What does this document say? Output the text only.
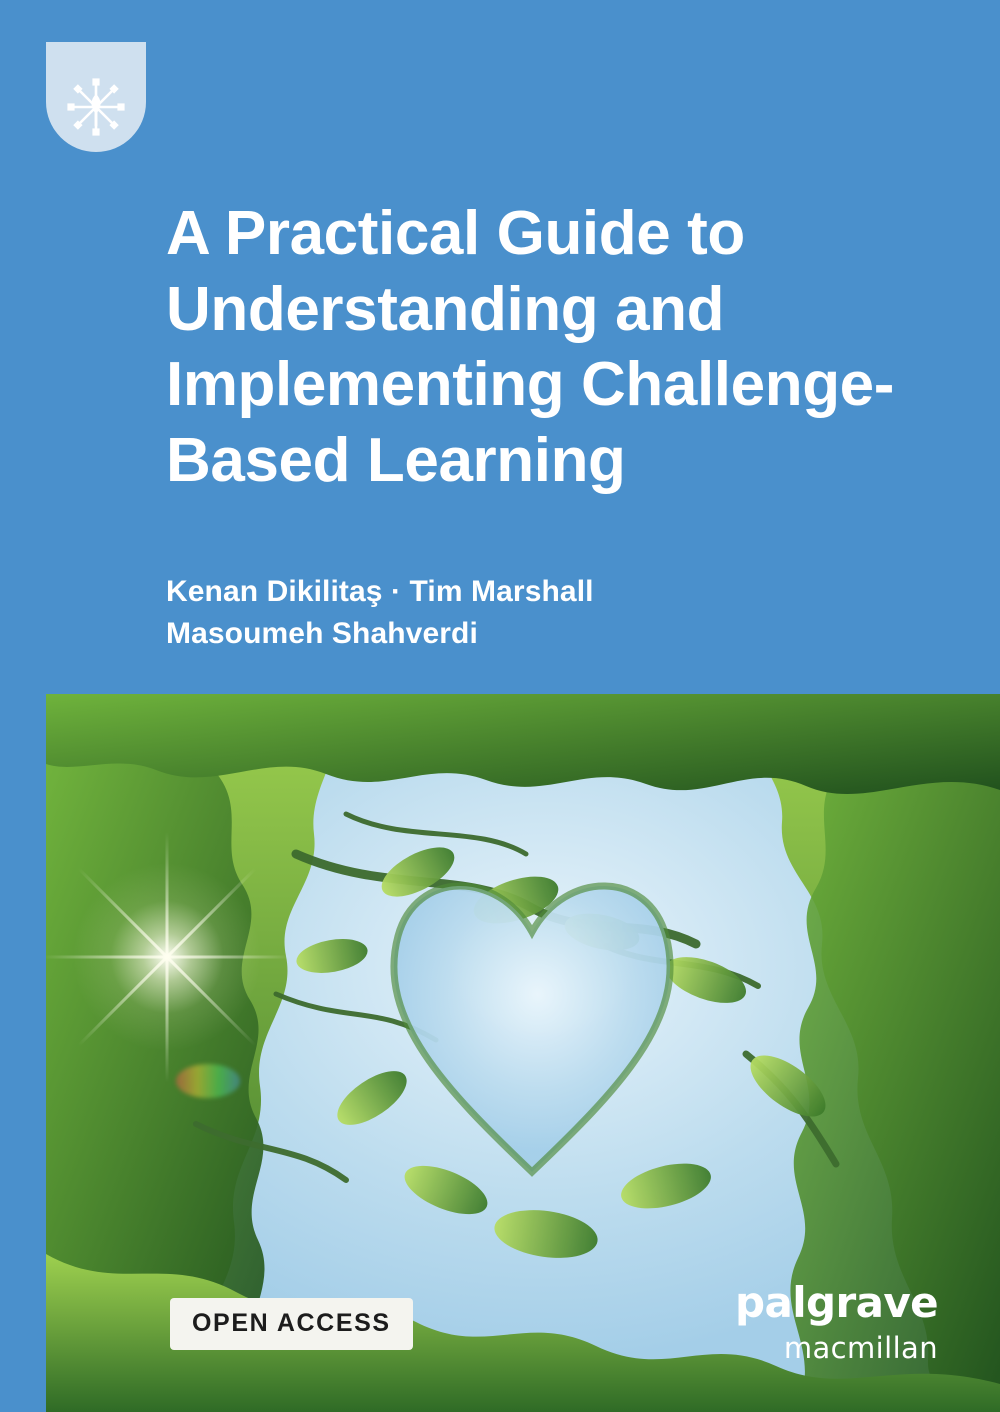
A Practical Guide to Understanding and Implementing Challenge-Based Learning
Kenan Dikilitaş · Tim Marshall
Masoumeh Shahverdi
OPEN ACCESS	palgrave
macmillan
